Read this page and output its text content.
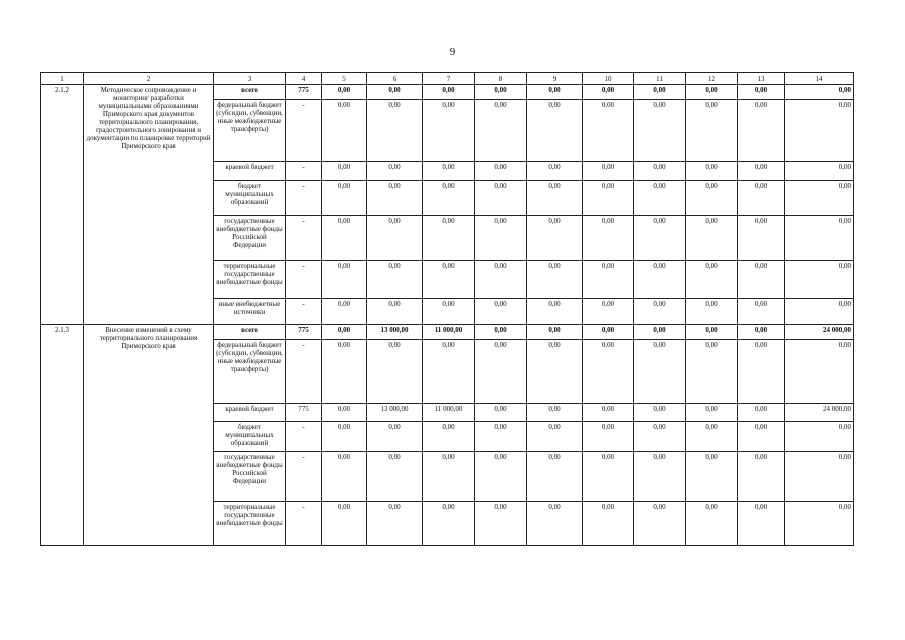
9
1	2	3	4	5	6	7	8	9	10	11	12	13	14
2.1.2	Методическое сопровождение и мониторинг разработки муниципальными образованиями Приморского края документов территориального планирования, градостроительного зонирования и документации по планировке территорий Приморского края	всего	775	0,00	0,00	0,00	0,00	0,00	0,00	0,00	0,00	0,00	0,00
		федеральный бюджет (субсидии, субвенции, иные межбюджетные трансферты)	-	0,00	0,00	0,00	0,00	0,00	0,00	0,00	0,00	0,00	0,00
		краевой бюджет	-	0,00	0,00	0,00	0,00	0,00	0,00	0,00	0,00	0,00	0,00
		бюджет муниципальных образований	-	0,00	0,00	0,00	0,00	0,00	0,00	0,00	0,00	0,00	0,00
		государственные внебюджетные фонды Российской Федерации	-	0,00	0,00	0,00	0,00	0,00	0,00	0,00	0,00	0,00	0,00
		территориальные государственные внебюджетные фонды	-	0,00	0,00	0,00	0,00	0,00	0,00	0,00	0,00	0,00	0,00
		иные внебюджетные источники	-	0,00	0,00	0,00	0,00	0,00	0,00	0,00	0,00	0,00	0,00
2.1.3	Внесение изменений в схему территориального планирования Приморского края	всего	775	0,00	13 000,00	11 000,00	0,00	0,00	0,00	0,00	0,00	0,00	24 000,00
		федеральный бюджет (субсидии, субвенции, иные межбюджетные трансферты)	-	0,00	0,00	0,00	0,00	0,00	0,00	0,00	0,00	0,00	0,00
		краевой бюджет	775	0,00	13 000,00	11 000,00	0,00	0,00	0,00	0,00	0,00	0,00	24 000,00
		бюджет муниципальных образований	-	0,00	0,00	0,00	0,00	0,00	0,00	0,00	0,00	0,00	0,00
		государственные внебюджетные фонды Российской Федерации	-	0,00	0,00	0,00	0,00	0,00	0,00	0,00	0,00	0,00	0,00
		территориальные государственные внебюджетные фонды	-	0,00	0,00	0,00	0,00	0,00	0,00	0,00	0,00	0,00	0,00
